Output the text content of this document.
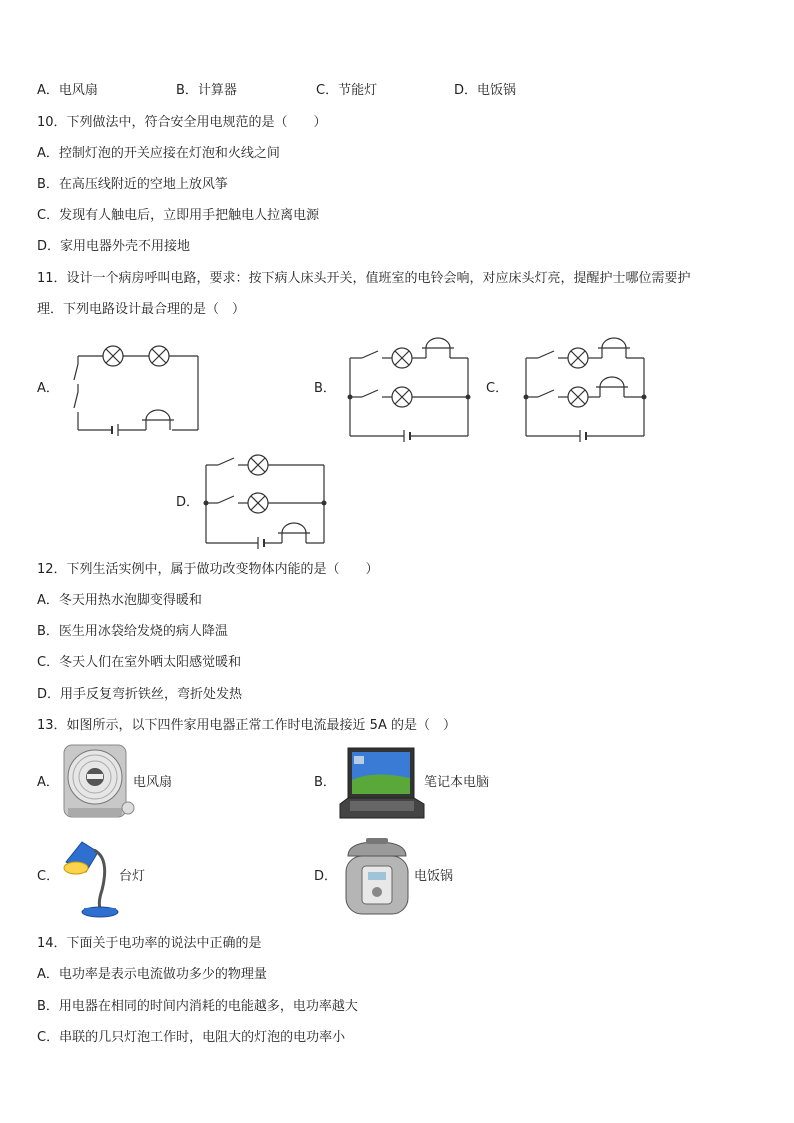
A．电风扇	B．计算器	C．节能灯	D．电饭锅
10．下列做法中，符合安全用电规范的是（　　）
A．控制灯泡的开关应接在灯泡和火线之间
B．在高压线附近的空地上放风筝
C．发现有人触电后，立即用手把触电人拉离电源
D．家用电器外壳不用接地
11．设计一个病房呼叫电路，要求：按下病人床头开关，值班室的电铃会响，对应床头灯亮，提醒护士哪位需要护
理．下列电路设计最合理的是（　）
A．	B．	C．
D．
12．下列生活实例中，属于做功改变物体内能的是（　　）
A．冬天用热水泡脚变得暖和
B．医生用冰袋给发烧的病人降温
C．冬天人们在室外晒太阳感觉暖和
D．用手反复弯折铁丝，弯折处发热
13．如图所示，以下四件家用电器正常工作时电流最接近 5A 的是（　）
A．	电风扇	B．	笔记本电脑
C．	台灯	D．	电饭锅
14．下面关于电功率的说法中正确的是
A．电功率是表示电流做功多少的物理量
B．用电器在相同的时间内消耗的电能越多，电功率越大
C．串联的几只灯泡工作时，电阻大的灯泡的电功率小
